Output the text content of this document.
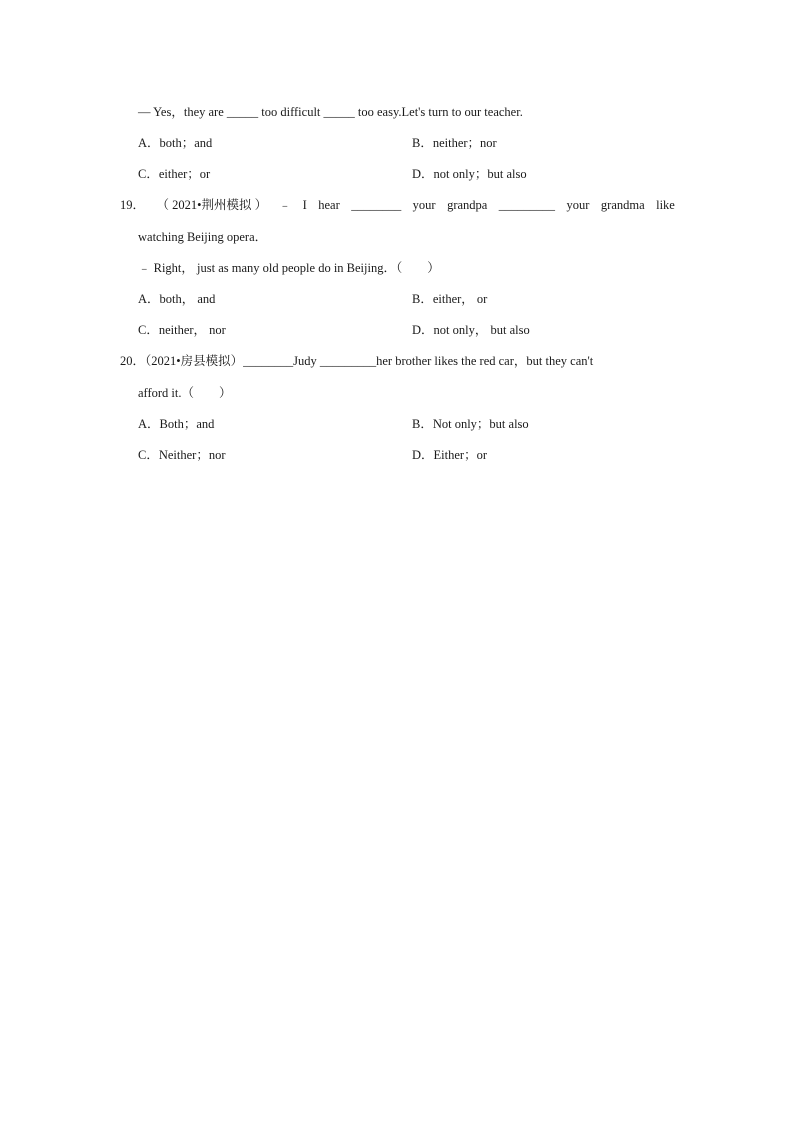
— Yes，they are _____ too difficult _____ too easy.Let's turn to our teacher.
A．both；and	B．neither；nor
C．either；or	D．not only；but also
19． （ 2021•荆州模拟 ） ﹣ I hear ________ your grandpa _________ your grandma like
watching Beijing opera．
﹣ Right， just as many old people do in Beijing．（　　）
A．both， and	B．either， or
C．neither， nor	D．not only， but also
20．（2021•房县模拟）________Judy _________her brother likes the red car，but they can't
afford it.（　　）
A．Both；and	B．Not only；but also
C．Neither；nor	D．Either；or
